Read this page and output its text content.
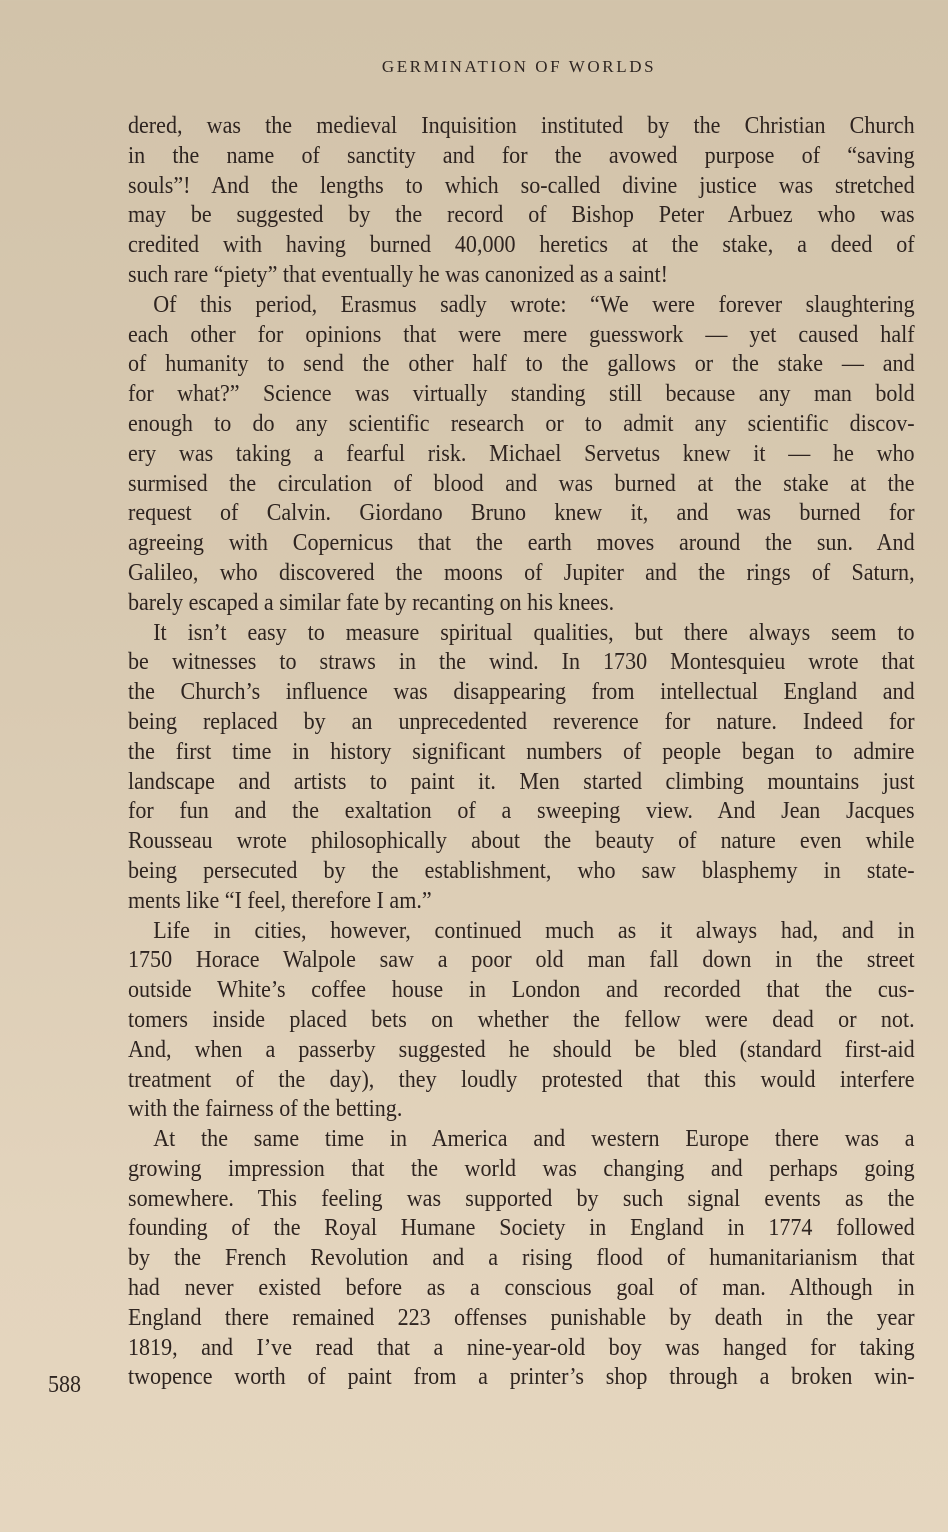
GERMINATION OF WORLDS
dered, was the medieval Inquisition instituted by the Christian Church
in the name of sanctity and for the avowed purpose of “saving
souls”! And the lengths to which so-called divine justice was stretched
may be suggested by the record of Bishop Peter Arbuez who was
credited with having burned 40,000 heretics at the stake, a deed of
such rare “piety” that eventually he was canonized as a saint!
Of this period, Erasmus sadly wrote: “We were forever slaughtering
each other for opinions that were mere guesswork — yet caused half
of humanity to send the other half to the gallows or the stake — and
for what?” Science was virtually standing still because any man bold
enough to do any scientific research or to admit any scientific discov-
ery was taking a fearful risk. Michael Servetus knew it — he who
surmised the circulation of blood and was burned at the stake at the
request of Calvin. Giordano Bruno knew it, and was burned for
agreeing with Copernicus that the earth moves around the sun. And
Galileo, who discovered the moons of Jupiter and the rings of Saturn,
barely escaped a similar fate by recanting on his knees.
It isn’t easy to measure spiritual qualities, but there always seem to
be witnesses to straws in the wind. In 1730 Montesquieu wrote that
the Church’s influence was disappearing from intellectual England and
being replaced by an unprecedented reverence for nature. Indeed for
the first time in history significant numbers of people began to admire
landscape and artists to paint it. Men started climbing mountains just
for fun and the exaltation of a sweeping view. And Jean Jacques
Rousseau wrote philosophically about the beauty of nature even while
being persecuted by the establishment, who saw blasphemy in state-
ments like “I feel, therefore I am.”
Life in cities, however, continued much as it always had, and in
1750 Horace Walpole saw a poor old man fall down in the street
outside White’s coffee house in London and recorded that the cus-
tomers inside placed bets on whether the fellow were dead or not.
And, when a passerby suggested he should be bled (standard first-aid
treatment of the day), they loudly protested that this would interfere
with the fairness of the betting.
At the same time in America and western Europe there was a
growing impression that the world was changing and perhaps going
somewhere. This feeling was supported by such signal events as the
founding of the Royal Humane Society in England in 1774 followed
by the French Revolution and a rising flood of humanitarianism that
had never existed before as a conscious goal of man. Although in
England there remained 223 offenses punishable by death in the year
1819, and I’ve read that a nine-year-old boy was hanged for taking
twopence worth of paint from a printer’s shop through a broken win-
588
